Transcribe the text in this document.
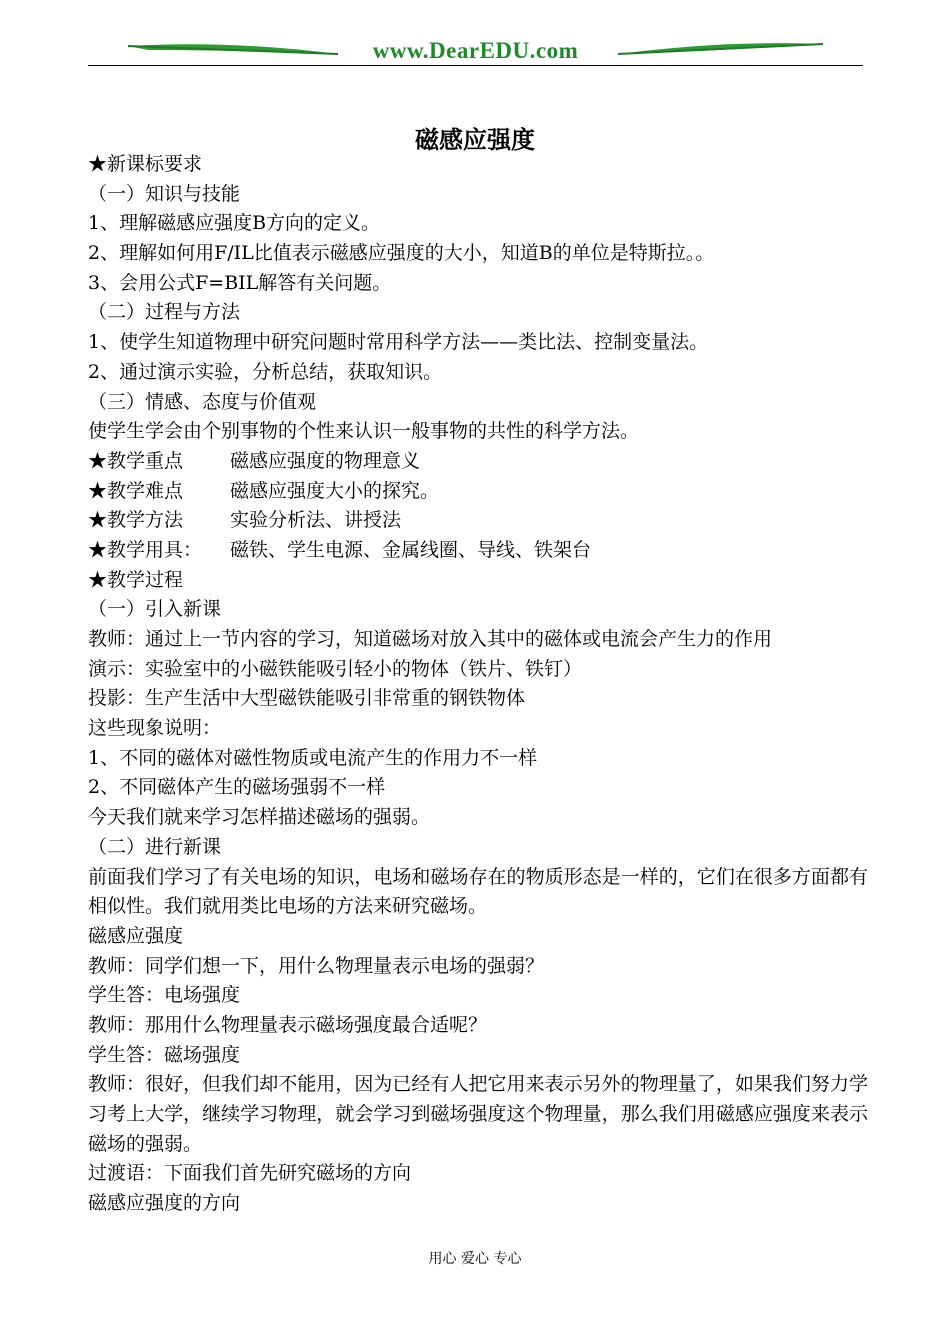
www.DearEDU.com
磁感应强度
★新课标要求
（一）知识与技能
1、理解磁感应强度B方向的定义。
2、理解如何用F/IL比值表示磁感应强度的大小，知道B的单位是特斯拉。。
3、会用公式F=BIL解答有关问题。
（二）过程与方法
1、使学生知道物理中研究问题时常用科学方法——类比法、控制变量法。
2、通过演示实验，分析总结，获取知识。
（三）情感、态度与价值观
使学生学会由个别事物的个性来认识一般事物的共性的科学方法。
★教学重点 磁感应强度的物理意义
★教学难点 磁感应强度大小的探究。
★教学方法 实验分析法、讲授法
★教学用具： 磁铁、学生电源、金属线圈、导线、铁架台
★教学过程
（一）引入新课
教师：通过上一节内容的学习，知道磁场对放入其中的磁体或电流会产生力的作用
演示：实验室中的小磁铁能吸引轻小的物体（铁片、铁钉）
投影：生产生活中大型磁铁能吸引非常重的钢铁物体
这些现象说明：
1、不同的磁体对磁性物质或电流产生的作用力不一样
2、不同磁体产生的磁场强弱不一样
今天我们就来学习怎样描述磁场的强弱。
（二）进行新课
前面我们学习了有关电场的知识，电场和磁场存在的物质形态是一样的，它们在很多方面都有相似性。我们就用类比电场的方法来研究磁场。
磁感应强度
教师：同学们想一下，用什么物理量表示电场的强弱？
学生答：电场强度
教师：那用什么物理量表示磁场强度最合适呢？
学生答：磁场强度
教师：很好，但我们却不能用，因为已经有人把它用来表示另外的物理量了，如果我们努力学习考上大学，继续学习物理，就会学习到磁场强度这个物理量，那么我们用磁感应强度来表示磁场的强弱。
过渡语：下面我们首先研究磁场的方向
磁感应强度的方向
用心 爱心 专心
